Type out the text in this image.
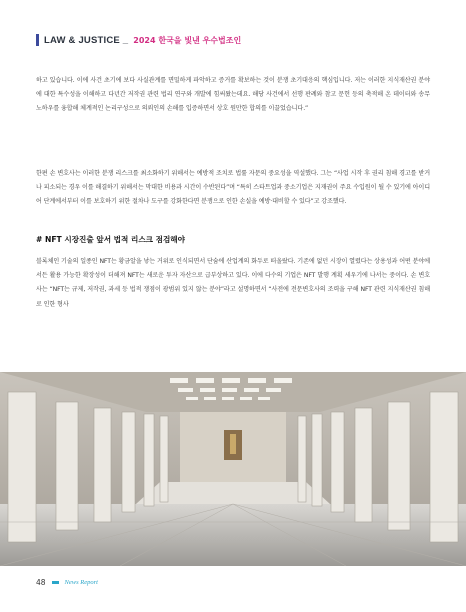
LAW & JUSTICE _ 2024 한국을 빛낸 우수법조인

하고 있습니다. 이에 사건 초기에 보다 사실관계를 면밀하게 파악하고 증거를 확보하는 것이 분쟁 초기대응의 핵심입니다. 저는 이러한 지식재산권 분야에 대한 특수성을 이해하고 다년간 저작권 관련 법리 연구와 개발에 힘써왔는데요. 해당 사건에서 선행 판례와 참고 문헌 등의 축적해 온 데이터와 송무 노하우를 융합해 체계적인 논리구성으로 의뢰인의 손해를 입증하면서 상호 원만한 합의를 이끌었습니다.”

한편 손 변호사는 이러한 분쟁 리스크를 최소화하기 위해서는 예방적 조치로 법률 자문의 중요성을 역설했다. 그는 “사업 시작 후 권리 침해 경고를 받거나 피소되는 경우 이를 해결하기 위해서는 막대한 비용과 시간이 수반된다”며 “특히 스타트업과 중소기업은 지재권이 주요 수입원이 될 수 있기에 아이디어 단계에서부터 이를 보호하기 위한 절차나 도구를 강화한다면 분쟁으로 인한 손실을 예방·대비할 수 있다”고 강조했다.

# NFT 시장진출 앞서 법적 리스크 점검해야

블록체인 기술의 일종인 NFT는 황금알을 낳는 거위로 인식되면서 단숨에 산업계의 화두로 떠올랐다. 기존에 없던 시장이 열렸다는 상용성과 어떤 분야에서든 활용 가능한 확장성이 더해져 NFT는 새로운 투자 자산으로 급부상하고 있다. 이에 다수의 기업은 NFT 발행 계획 세우기에 나서는 중이다. 손 변호사는 “NFT는 규제, 저작권, 과세 등 법적 쟁점이 광범위 있지 않는 분야”라고 설명하면서 “사전에 전문변호사의 조력을 구해 NFT 관련 지식재산권 침해로 인한 형사

48	News Report
